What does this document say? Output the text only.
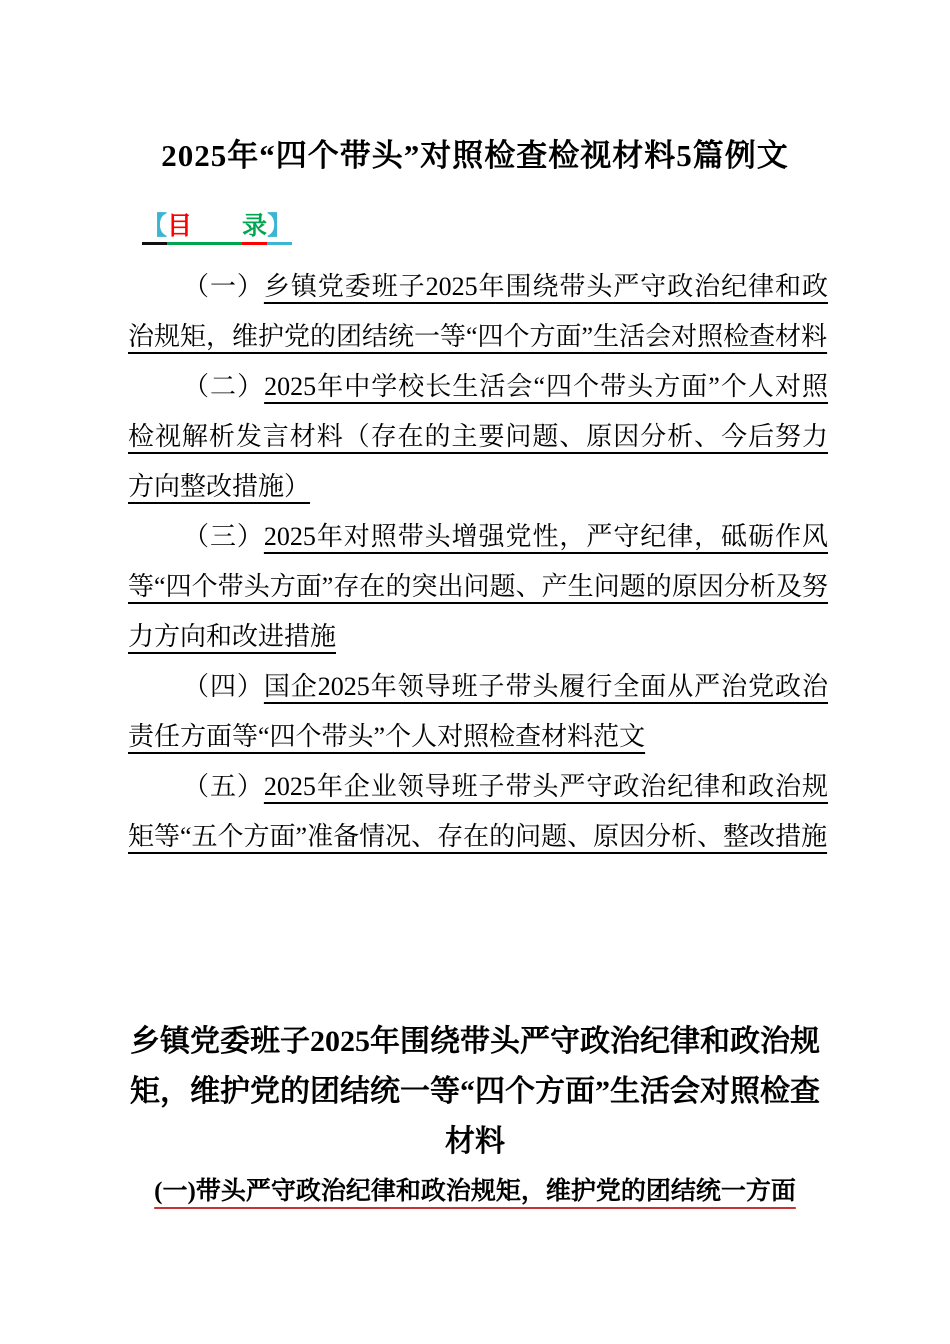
2025年“四个带头”对照检查检视材料5篇例文
【目　　 录】

（一）乡镇党委班子2025年围绕带头严守政治纪律和政治规矩，维护党的团结统一等“四个方面”生活会对照检查材料

（二）2025年中学校长生活会“四个带头方面”个人对照检视解析发言材料（存在的主要问题、原因分析、今后努力方向整改措施）

（三）2025年对照带头增强党性，严守纪律，砥砺作风等“四个带头方面”存在的突出问题、产生问题的原因分析及努力方向和改进措施

（四）国企2025年领导班子带头履行全面从严治党政治责任方面等“四个带头”个人对照检查材料范文

（五）2025年企业领导班子带头严守政治纪律和政治规矩等“五个方面”准备情况、存在的问题、原因分析、整改措施

乡镇党委班子2025年围绕带头严守政治纪律和政治规矩，维护党的团结统一等“四个方面”生活会对照检查材料
(一)带头严守政治纪律和政治规矩，维护党的团结统一方面
